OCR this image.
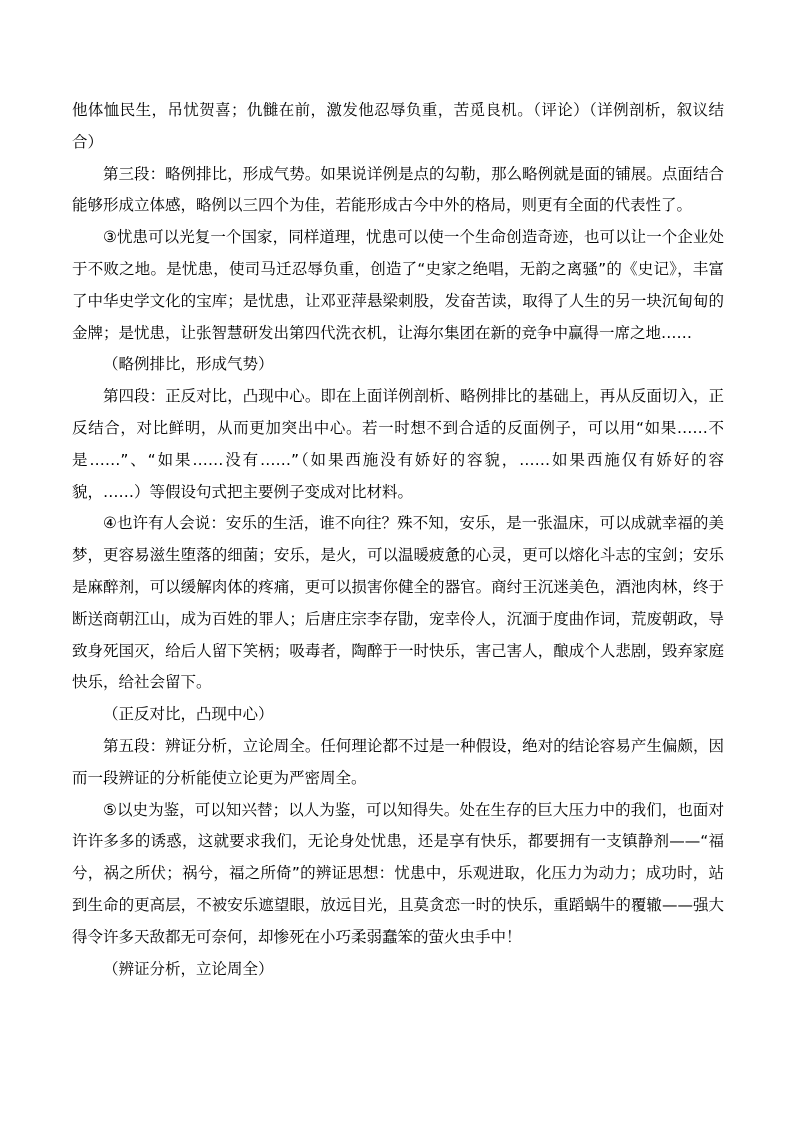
他体恤民生，吊忧贺喜；仇雠在前，激发他忍辱负重，苦觅良机。（评论）（详例剖析，叙议结合）

第三段：略例排比，形成气势。如果说详例是点的勾勒，那么略例就是面的铺展。点面结合能够形成立体感，略例以三四个为佳，若能形成古今中外的格局，则更有全面的代表性了。

③忧患可以光复一个国家，同样道理，忧患可以使一个生命创造奇迹，也可以让一个企业处于不败之地。是忧患，使司马迁忍辱负重，创造了“史家之绝唱，无韵之离骚”的《史记》，丰富了中华史学文化的宝库；是忧患，让邓亚萍悬梁刺股，发奋苦读，取得了人生的另一块沉甸甸的金牌；是忧患，让张智慧研发出第四代洗衣机，让海尔集团在新的竞争中赢得一席之地……

（略例排比，形成气势）

第四段：正反对比，凸现中心。即在上面详例剖析、略例排比的基础上，再从反面切入，正反结合，对比鲜明，从而更加突出中心。若一时想不到合适的反面例子，可以用“如果……不是……”、“如果……没有……”（如果西施没有娇好的容貌，……如果西施仅有娇好的容貌，……）等假设句式把主要例子变成对比材料。

④也许有人会说：安乐的生活，谁不向往？殊不知，安乐，是一张温床，可以成就幸福的美梦，更容易滋生堕落的细菌；安乐，是火，可以温暖疲惫的心灵，更可以熔化斗志的宝剑；安乐是麻醉剂，可以缓解肉体的疼痛，更可以损害你健全的器官。商纣王沉迷美色，酒池肉林，终于断送商朝江山，成为百姓的罪人；后唐庄宗李存勖，宠幸伶人，沉湎于度曲作词，荒废朝政，导致身死国灭，给后人留下笑柄；吸毒者，陶醉于一时快乐，害己害人，酿成个人悲剧，毁弃家庭快乐，给社会留下。

（正反对比，凸现中心）

第五段：辨证分析，立论周全。任何理论都不过是一种假设，绝对的结论容易产生偏颇，因而一段辨证的分析能使立论更为严密周全。

⑤以史为鉴，可以知兴替；以人为鉴，可以知得失。处在生存的巨大压力中的我们，也面对许许多多的诱惑，这就要求我们，无论身处忧患，还是享有快乐，都要拥有一支镇静剂——“福兮，祸之所伏；祸兮，福之所倚”的辨证思想：忧患中，乐观进取，化压力为动力；成功时，站到生命的更高层，不被安乐遮望眼，放远目光，且莫贪恋一时的快乐，重蹈蜗牛的覆辙——强大得令许多天敌都无可奈何，却惨死在小巧柔弱蠢笨的萤火虫手中！

（辨证分析，立论周全）
